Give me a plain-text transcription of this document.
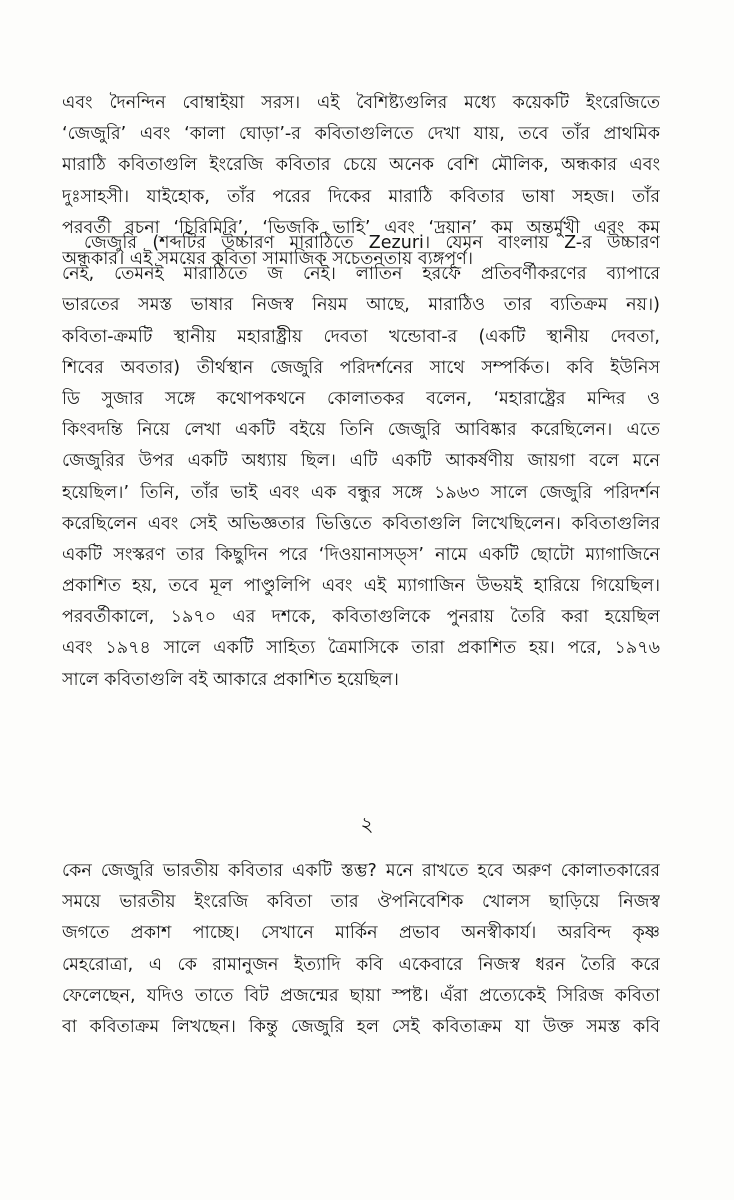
এবং দৈনন্দিন বোম্বাইয়া সরস। এই বৈশিষ্ট্যগুলির মধ্যে কয়েকটি ইংরেজিতে
‘জেজুরি’ এবং ‘কালা ঘোড়া’-র কবিতাগুলিতে দেখা যায়, তবে তাঁর প্রাথমিক
মারাঠি কবিতাগুলি ইংরেজি কবিতার চেয়ে অনেক বেশি মৌলিক, অন্ধকার এবং
দুঃসাহসী। যাইহোক, তাঁর পরের দিকের মারাঠি কবিতার ভাষা সহজ। তাঁর
পরবর্তী রচনা ‘চিরিমিরি’, ‘ভিজকি ভাহি’ এবং ‘দ্রয়ান’ কম অন্তর্মুখী এবং কম
অন্ধকার। এই সময়ের কবিতা সামাজিক সচেতনতায় ব্যঙ্গপূর্ণ।
জেজুরি (শব্দটির উচ্চারণ মারাঠিতে Zezuri। যেমন বাংলায় Z-র উচ্চারণ
নেই, তেমনই মারাঠিতে জ নেই। লাতিন হরফে প্রতিবর্ণীকরণের ব্যাপারে
ভারতের সমস্ত ভাষার নিজস্ব নিয়ম আছে, মারাঠিও তার ব্যতিক্রম নয়।)
কবিতা-ক্রমটি স্থানীয় মহারাষ্ট্রীয় দেবতা খন্ডোবা-র (একটি স্থানীয় দেবতা,
শিবের অবতার) তীর্থস্থান জেজুরি পরিদর্শনের সাথে সম্পর্কিত। কবি ইউনিস
ডি সুজার সঙ্গে কথোপকথনে কোলাতকর বলেন, ‘মহারাষ্ট্রের মন্দির ও
কিংবদন্তি নিয়ে লেখা একটি বইয়ে তিনি জেজুরি আবিষ্কার করেছিলেন। এতে
জেজুরির উপর একটি অধ্যায় ছিল। এটি একটি আকর্ষণীয় জায়গা বলে মনে
হয়েছিল।’ তিনি, তাঁর ভাই এবং এক বন্ধুর সঙ্গে ১৯৬৩ সালে জেজুরি পরিদর্শন
করেছিলেন এবং সেই অভিজ্ঞতার ভিত্তিতে কবিতাগুলি লিখেছিলেন। কবিতাগুলির
একটি সংস্করণ তার কিছুদিন পরে ‘দিওয়ানাসড্স’ নামে একটি ছোটো ম্যাগাজিনে
প্রকাশিত হয়, তবে মূল পাণ্ডুলিপি এবং এই ম্যাগাজিন উভয়ই হারিয়ে গিয়েছিল।
পরবর্তীকালে, ১৯৭০ এর দশকে, কবিতাগুলিকে পুনরায় তৈরি করা হয়েছিল
এবং ১৯৭৪ সালে একটি সাহিত্য ত্রৈমাসিকে তারা প্রকাশিত হয়। পরে, ১৯৭৬
সালে কবিতাগুলি বই আকারে প্রকাশিত হয়েছিল।
২
কেন জেজুরি ভারতীয় কবিতার একটি স্তম্ভ? মনে রাখতে হবে অরুণ কোলাতকারের
সময়ে ভারতীয় ইংরেজি কবিতা তার ঔপনিবেশিক খোলস ছাড়িয়ে নিজস্ব
জগতে প্রকাশ পাচ্ছে। সেখানে মার্কিন প্রভাব অনস্বীকার্য। অরবিন্দ কৃষ্ণ
মেহরোত্রা, এ কে রামানুজন ইত্যাদি কবি একেবারে নিজস্ব ধরন তৈরি করে
ফেলেছেন, যদিও তাতে বিট প্রজন্মের ছায়া স্পষ্ট। এঁরা প্রত্যেকেই সিরিজ কবিতা
বা কবিতাক্রম লিখছেন। কিন্তু জেজুরি হল সেই কবিতাক্রম যা উক্ত সমস্ত কবি
